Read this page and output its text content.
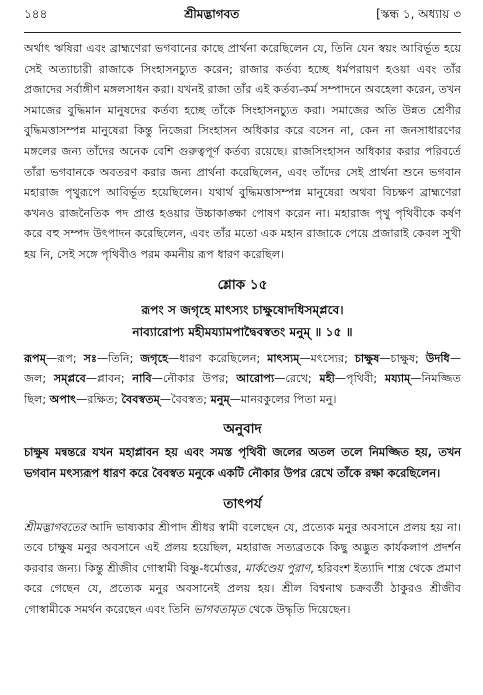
১৪৪	শ্রীমদ্ভাগবত	[স্কন্ধ ১, অধ্যায় ৩

অর্থাৎ ঋষিরা এবং ব্রাহ্মণেরা ভগবানের কাছে প্রার্থনা করেছিলেন যে, তিনি যেন স্বয়ং আবির্ভূত হয়ে সেই অত্যাচারী রাজাকে সিংহাসনচ্যুত করেন; রাজার কর্তব্য হচ্ছে ধর্মপরায়ণ হওয়া এবং তাঁর প্রজাদের সর্বাঙ্গীণ মঙ্গলসাধন করা। যখনই রাজা তাঁর এই কর্তব্য-কর্ম সম্পাদনে অবহেলা করেন, তখন সমাজের বুদ্ধিমান মানুষদের কর্তব্য হচ্ছে তাঁকে সিংহাসনচ্যুত করা। সমাজের অতি উন্নত শ্রেণীর বুদ্ধিমত্তাসম্পন্ন মানুষেরা কিন্তু নিজেরা সিংহাসন অধিকার করে বসেন না, কেন না জনসাধারণের মঙ্গলের জন্য তাঁদের অনেক বেশি গুরুত্বপূর্ণ কর্তব্য রয়েছে। রাজসিংহাসন অধিকার করার পরিবর্তে তাঁরা ভগবানকে অবতরণ করার জন্য প্রার্থনা করেছিলেন, এবং তাঁদের সেই প্রার্থনা শুনে ভগবান মহারাজ পৃথুরূপে আবির্ভূত হয়েছিলেন। যথার্থ বুদ্ধিমত্তাসম্পন্ন মানুষেরা অথবা বিচক্ষণ ব্রাহ্মণেরা কখনও রাজনৈতিক পদ প্রাপ্ত হওয়ার উচ্চাকাঙ্ক্ষা পোষণ করেন না। মহারাজ পৃথু পৃথিবীকে কর্ষণ করে বহু সম্পদ উৎপাদন করেছিলেন, এবং তাঁর মতো এক মহান রাজাকে পেয়ে প্রজারাই কেবল সুখী হয় নি, সেই সঙ্গে পৃথিবীও পরম কমনীয় রূপ ধারণ করেছিল।

শ্লোক ১৫

রূপং স জগৃহে মাৎস্যং চাক্ষুষোদধিসম্প্লবে।

নাব্যারোপ্য মহীময্যামপাদ্বৈবস্বতং মনুম্ ॥ ১৫ ॥

রূপম্—রূপ; সঃ—তিনি; জগৃহে—ধারণ করেছিলেন; মাৎস্যম্—মৎস্যের; চাক্ষুষ—চাক্ষুষ; উদধি—জল; সম্প্লবে—প্লাবন; নাবি—নৌকার উপর; আরোপ্য—রেখে; মহী—পৃথিবী; ময্যাম্—নিমজ্জিত ছিল; অপাৎ—রক্ষিত; বৈবস্বতম্—বৈবস্বত; মনুম্—মানবকুলের পিতা মনু।
অনুবাদ

চাক্ষুষ মন্বন্তরে যখন মহাপ্লাবন হয় এবং সমস্ত পৃথিবী জলের অতল তলে নিমজ্জিত হয়, তখন ভগবান মৎস্যরূপ ধারণ করে বৈবস্বত মনুকে একটি নৌকার উপর রেখে তাঁকে রক্ষা করেছিলেন।

তাৎপর্য

শ্রীমদ্ভাগবতের আদি ভাষ্যকার শ্রীপাদ শ্রীধর স্বামী বলেছেন যে, প্রত্যেক মনুর অবসানে প্রলয় হয় না। তবে চাক্ষুষ মনুর অবসানে এই প্রলয় হয়েছিল, মহারাজ সত্যব্রতকে কিছু অদ্ভুত কার্যকলাপ প্রদর্শন করবার জন্য। কিন্তু শ্রীজীব গোস্বামী বিষ্ণু-ধর্মোত্তর, মার্কণ্ডেয় পুরাণ, হরিবংশ ইত্যাদি শাস্ত্র থেকে প্রমাণ করে গেছেন যে, প্রত্যেক মনুর অবসানেই প্রলয় হয়। শ্রীল বিশ্বনাথ চক্রবর্তী ঠাকুরও শ্রীজীব গোস্বামীকে সমর্থন করেছেন এবং তিনি ভাগবতামৃত থেকে উদ্ধৃতি দিয়েছেন।
